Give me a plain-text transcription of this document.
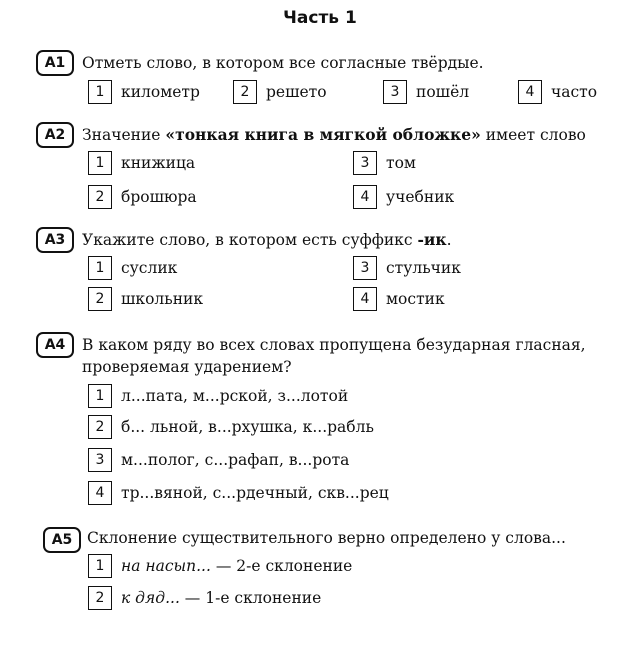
Часть 1
А1	Отметь слово, в котором все согласные твёрдые.
1	километр	2	решето	3	пошёл	4	часто
А2	Значение «тонкая книга в мягкой обложке» имеет слово
1	книжица
2	брошюра
3	том
4	учебник
А3	Укажите слово, в котором есть суффикс -ик.
1	суслик
2	школьник
3	стульчик
4	мостик
А4	В каком ряду во всех словах пропущена безударная гласная,
проверяемая ударением?
1	л...пата, м...рской, з...лотой
2	б... льной, в...рхушка, к...рабль
3	м...полог, с...рафап, в...рота
4	тр...вяной, с...рдечный, скв...рец
А5 Склонение существительного верно определено у слова...
1	на насып... — 2-е склонение
2	к дяд... — 1-е склонение
